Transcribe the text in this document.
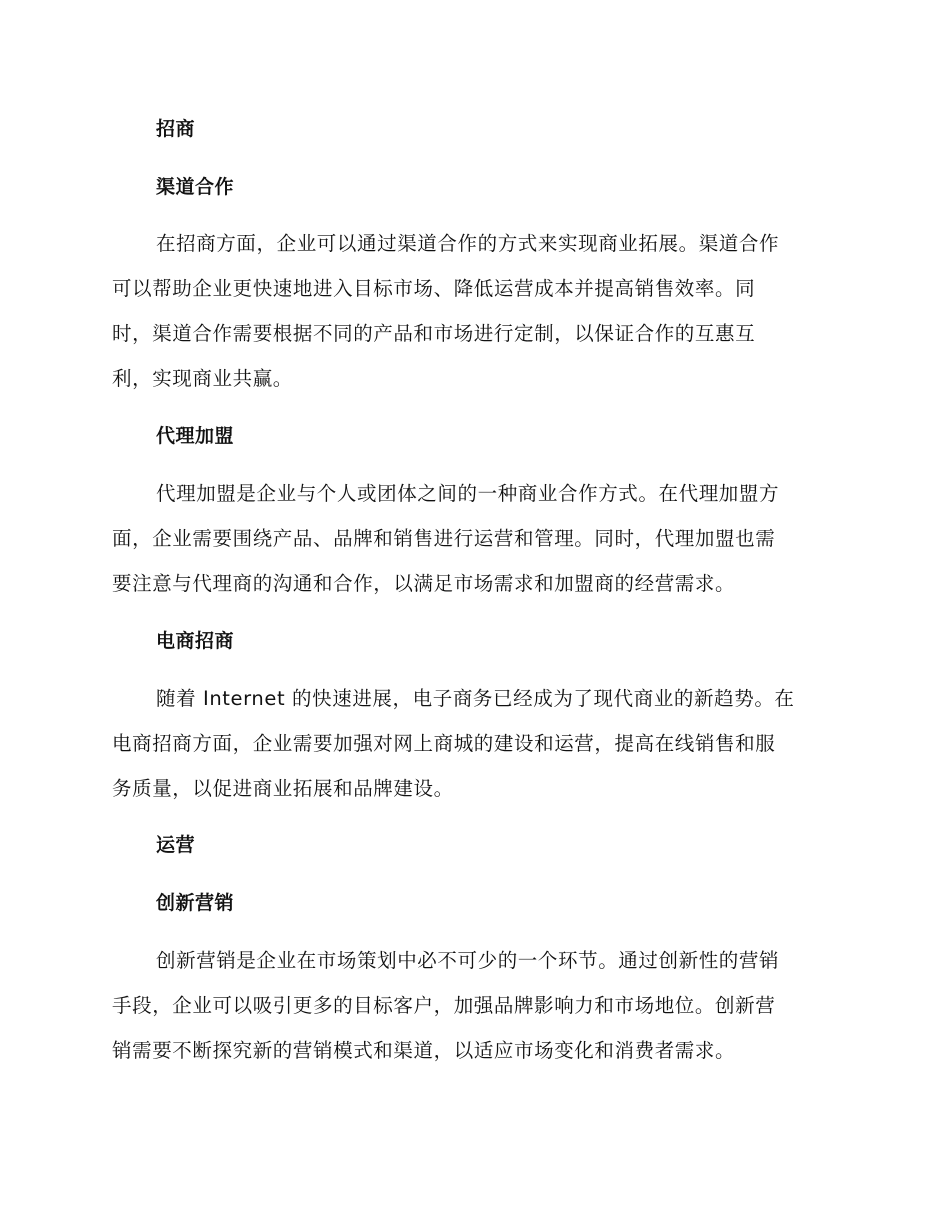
招商
渠道合作
在招商方面，企业可以通过渠道合作的方式来实现商业拓展。渠道合作
可以帮助企业更快速地进入目标市场、降低运营成本并提高销售效率。同
时，渠道合作需要根据不同的产品和市场进行定制，以保证合作的互惠互
利，实现商业共赢。
代理加盟
代理加盟是企业与个人或团体之间的一种商业合作方式。在代理加盟方
面，企业需要围绕产品、品牌和销售进行运营和管理。同时，代理加盟也需
要注意与代理商的沟通和合作，以满足市场需求和加盟商的经营需求。
电商招商
随着 Internet 的快速进展，电子商务已经成为了现代商业的新趋势。在
电商招商方面，企业需要加强对网上商城的建设和运营，提高在线销售和服
务质量，以促进商业拓展和品牌建设。
运营
创新营销
创新营销是企业在市场策划中必不可少的一个环节。通过创新性的营销
手段，企业可以吸引更多的目标客户，加强品牌影响力和市场地位。创新营
销需要不断探究新的营销模式和渠道，以适应市场变化和消费者需求。
